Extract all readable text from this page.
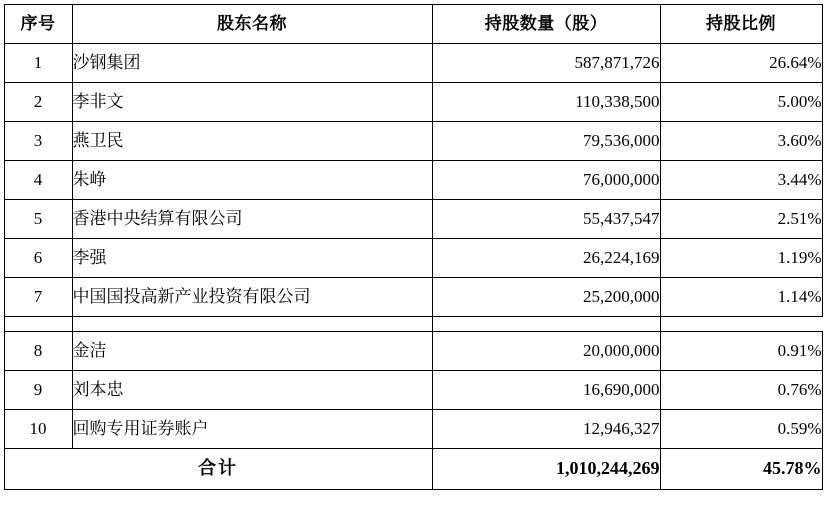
序号	股东名称	持股数量（股）	持股比例
1	沙钢集团	587,871,726	26.64%
2	李非文	110,338,500	5.00%
3	燕卫民	79,536,000	3.60%
4	朱峥	76,000,000	3.44%
5	香港中央结算有限公司	55,437,547	2.51%
6	李强	26,224,169	1.19%
7	中国国投高新产业投资有限公司	25,200,000	1.14%

8	金洁	20,000,000	0.91%
9	刘本忠	16,690,000	0.76%
10	回购专用证券账户	12,946,327	0.59%
合计		1,010,244,269	45.78%
